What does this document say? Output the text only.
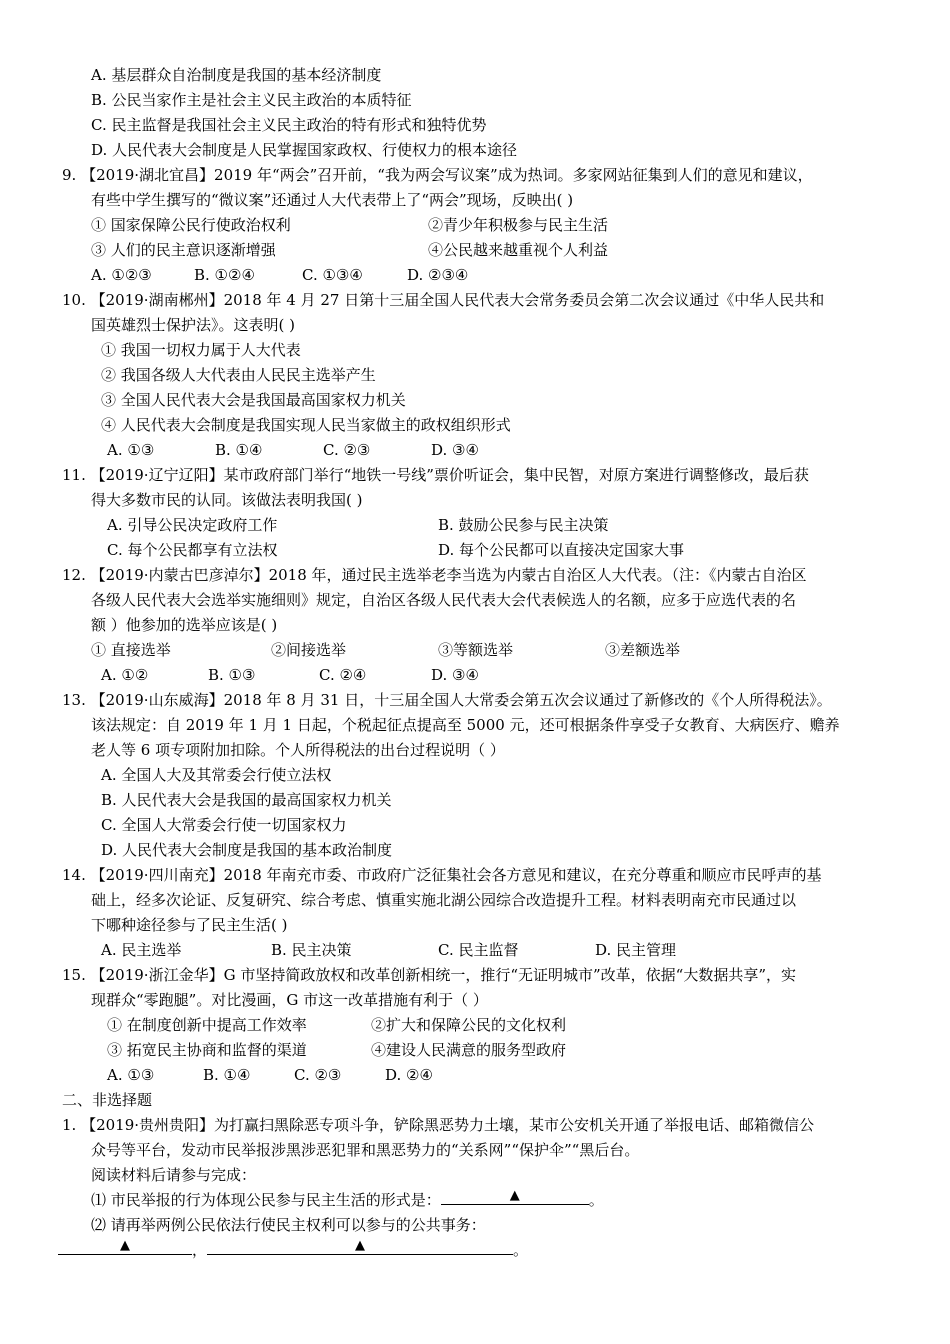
A. 基层群众自治制度是我国的基本经济制度
B. 公民当家作主是社会主义民主政治的本质特征
C. 民主监督是我国社会主义民主政治的特有形式和独特优势
D. 人民代表大会制度是人民掌握国家政权、行使权力的根本途径
9. 【2019·湖北宜昌】2019 年“两会”召开前，“我为两会写议案”成为热词。多家网站征集到人们的意见和建议，
有些中学生撰写的“微议案”还通过人大代表带上了“两会”现场，反映出( )
① 国家保障公民行使政治权利	②青少年积极参与民主生活
③ 人们的民主意识逐渐增强	④公民越来越重视个人利益
A. ①②③	B. ①②④	C. ①③④	D. ②③④
10. 【2019·湖南郴州】2018 年 4 月 27 日第十三届全国人民代表大会常务委员会第二次会议通过《中华人民共和
国英雄烈士保护法》。这表明( )
① 我国一切权力属于人大代表
② 我国各级人大代表由人民民主选举产生
③ 全国人民代表大会是我国最高国家权力机关
④ 人民代表大会制度是我国实现人民当家做主的政权组织形式
A. ①③	B. ①④	C. ②③	D. ③④
11. 【2019·辽宁辽阳】某市政府部门举行“地铁一号线”票价听证会，集中民智，对原方案进行调整修改，最后获
得大多数市民的认同。该做法表明我国( )
A. 引导公民决定政府工作	B. 鼓励公民参与民主决策
C. 每个公民都享有立法权	D. 每个公民都可以直接决定国家大事
12. 【2019·内蒙古巴彦淖尔】2018 年，通过民主选举老李当选为内蒙古自治区人大代表。（注：《内蒙古自治区
各级人民代表大会选举实施细则》规定，自治区各级人民代表大会代表候选人的名额，应多于应选代表的名
额 ）他参加的选举应该是( )
① 直接选举	②间接选举	③等额选举	③差额选举
A. ①②	B. ①③	C. ②④	D. ③④
13. 【2019·山东威海】2018 年 8 月 31 日，十三届全国人大常委会第五次会议通过了新修改的《个人所得税法》。
该法规定：自 2019 年 1 月 1 日起，个税起征点提高至 5000 元，还可根据条件享受子女教育、大病医疗、赡养
老人等 6 项专项附加扣除。个人所得税法的出台过程说明（ ）
A. 全国人大及其常委会行使立法权
B. 人民代表大会是我国的最高国家权力机关
C. 全国人大常委会行使一切国家权力
D. 人民代表大会制度是我国的基本政治制度
14. 【2019·四川南充】2018 年南充市委、市政府广泛征集社会各方意见和建议，在充分尊重和顺应市民呼声的基
础上，经多次论证、反复研究、综合考虑、慎重实施北湖公园综合改造提升工程。材料表明南充市民通过以
下哪种途径参与了民主生活( )
A. 民主选举	B. 民主决策	C. 民主监督	D. 民主管理
15. 【2019·浙江金华】G 市坚持简政放权和改革创新相统一，推行“无证明城市”改革，依据“大数据共享”，实
现群众“零跑腿”。对比漫画，G 市这一改革措施有利于（ ）
① 在制度创新中提高工作效率	②扩大和保障公民的文化权利
③ 拓宽民主协商和监督的渠道	④建设人民满意的服务型政府
A. ①③	B. ①④	C. ②③	D. ②④
二、非选择题
1. 【2019·贵州贵阳】为打赢扫黑除恶专项斗争，铲除黑恶势力土壤，某市公安机关开通了举报电话、邮箱微信公
众号等平台，发动市民举报涉黑涉恶犯罪和黑恶势力的“关系网”“保护伞”“黑后台。
阅读材料后请参与完成：
⑴ 市民举报的行为体现公民参与民主生活的形式是：	▲	。
⑵ 请再举两例公民依法行使民主权利可以参与的公共事务：
▲	，	▲	。
